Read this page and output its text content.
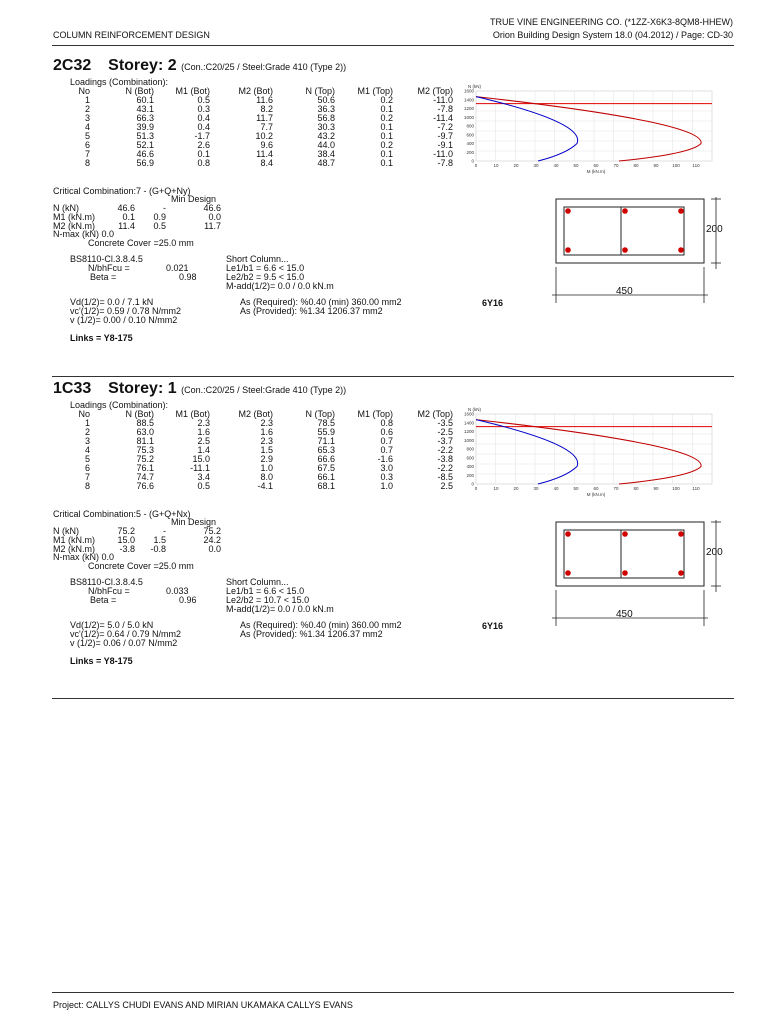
COLUMN REINFORCEMENT DESIGN
TRUE VINE ENGINEERING CO. (*1ZZ-X6K3-8QM8-HHEW)
Orion Building Design System 18.0 (04.2012) / Page: CD-30
Project: CALLYS CHUDI EVANS AND MIRIAN UKAMAKA CALLYS EVANS
2C32 Storey: 2 (Con.:C20/25 / Steel:Grade 410 (Type 2))
Loadings (Combination):	N (kN)
0	10	20	30	40	50	60	70	80	90	100	110
0
200
400
600
800
1000
1200
1400
1600
M (kN.m)
Critical Combination:7 - (G+Q+Ny)
Min Design
N-max (kN) 0.0
Concrete Cover =25.0 mm
BS8110-Cl.3.8.4.5
N/bhFcu =	0.021
Beta =	0.98
Short Column...
Le1/b1 = 6.6 < 15.0
Le2/b2 = 9.5 < 15.0
M-add(1/2)= 0.0 / 0.0 kN.m
Vd(1/2)= 0.0 / 7.1 kN
vc'(1/2)= 0.59 / 0.78 N/mm2
v (1/2)= 0.00 / 0.10 N/mm2
As (Required): %0.40 (min) 360.00 mm2
As (Provided): %1.34 1206.37 mm2
6Y16
Links = Y8-175
200
450
No	N (Bot) M1 (Bot)	M2 (Bot)	N (Top)	M1 (Top)	M2 (Top)
1	60.1	0.5	11.6	50.6	0.2	-11.0
2	43.1	0.3	8.2	36.3	0.1	-7.8
3	66.3	0.4	11.7	56.8	0.2	-11.4
4	39.9	0.4	7.7	30.3	0.1	-7.2
5	51.3	-1.7	10.2	43.2	0.1	-9.7
6	52.1	2.6	9.6	44.0	0.2	-9.1
7	46.6	0.1	11.4	38.4	0.1	-11.0
8	56.9	0.8	8.4	48.7	0.1	-7.8
N (kN)	46.6	-	46.6
M1 (kN.m)	0.1	0.9	0.0
M2 (kN.m)	11.4	0.5	11.7
1C33 Storey: 1 (Con.:C20/25 / Steel:Grade 410 (Type 2))
Loadings (Combination):	N (kN)
0	10	20	30	40	50	60	70	80	90	100	110
0
200
400
600
800
1000
1200
1400
1600
M (kN.m)
Critical Combination:5 - (G+Q+Nx)
Min Design
N-max (kN) 0.0
Concrete Cover =25.0 mm
BS8110-Cl.3.8.4.5
N/bhFcu =	0.033
Beta =	0.96
Short Column...
Le1/b1 = 6.6 < 15.0
Le2/b2 = 10.7 < 15.0
M-add(1/2)= 0.0 / 0.0 kN.m
Vd(1/2)= 5.0 / 5.0 kN
vc'(1/2)= 0.64 / 0.79 N/mm2
v (1/2)= 0.06 / 0.07 N/mm2
As (Required): %0.40 (min) 360.00 mm2
As (Provided): %1.34 1206.37 mm2
6Y16
Links = Y8-175
200
450
No	N (Bot) M1 (Bot)	M2 (Bot)	N (Top)	M1 (Top)	M2 (Top)
1	88.5	2.3	2.3	78.5	0.8	-3.5
2	63.0	1.6	1.6	55.9	0.6	-2.5
3	81.1	2.5	2.3	71.1	0.7	-3.7
4	75.3	1.4	1.5	65.3	0.7	-2.2
5	75.2	15.0	2.9	66.6	-1.6	-3.8
6	76.1	-11.1	1.0	67.5	3.0	-2.2
7	74.7	3.4	8.0	66.1	0.3	-8.5
8	76.6	0.5	-4.1	68.1	1.0	2.5
N (kN)	75.2	-	75.2
M1 (kN.m)	15.0	1.5	24.2
M2 (kN.m)	-3.8	-0.8	0.0
